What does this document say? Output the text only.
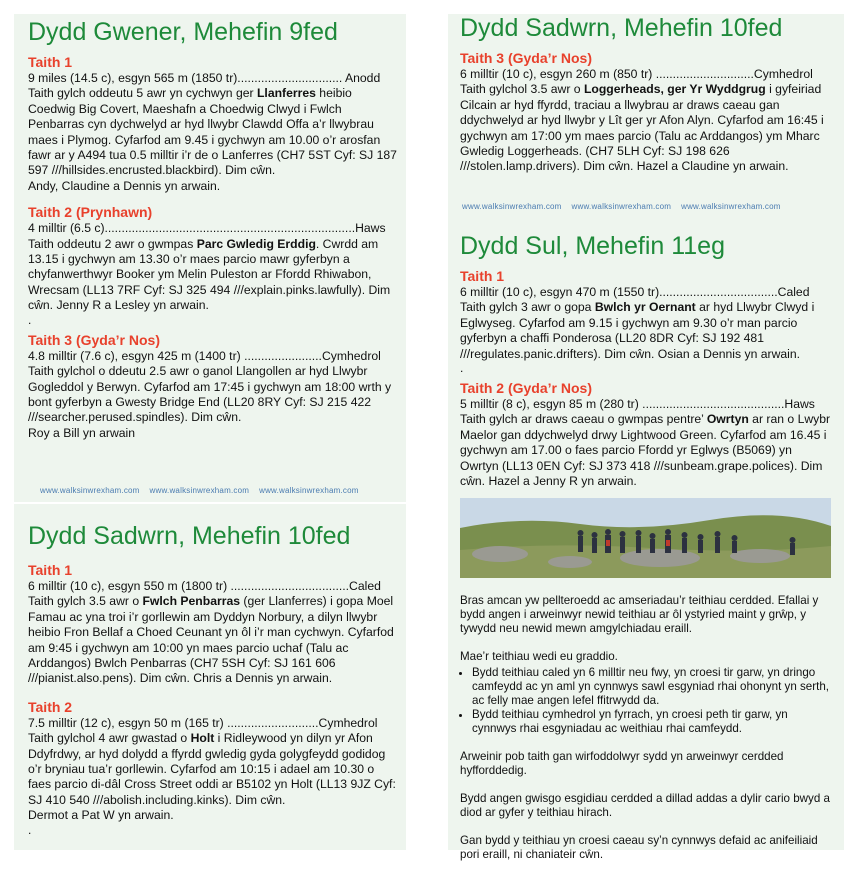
Dydd Gwener, Mehefin 9fed
Taith 1
9 miles (14.5 c), esgyn 565 m (1850 tr)............................... Anodd
Taith gylch oddeutu 5 awr yn cychwyn ger Llanferres heibio Coedwig Big Covert, Maeshafn a Choedwig Clwyd i Fwlch Penbarras cyn dychwelyd ar hyd llwybr Clawdd Offa a’r llwybrau maes i Plymog. Cyfarfod am 9.45 i gychwyn am 10.00 o’r arosfan fawr ar y A494 tua 0.5 milltir i’r de o Lanferres (CH7 5ST Cyf: SJ 187 597 ///hillsides.encrusted.blackbird). Dim cŵn.
Andy, Claudine a Dennis yn arwain.
Taith 2 (Prynhawn)
4 milltir (6.5 c)..........................................................................Haws
Taith oddeutu 2 awr o gwmpas Parc Gwledig Erddig. Cwrdd am 13.15 i gychwyn am 13.30 o’r maes parcio mawr gyferbyn a chyfanwerthwyr Booker ym Melin Puleston ar Ffordd Rhiwabon, Wrecsam (LL13 7RF Cyf: SJ 325 494 ///explain.pinks.lawfully). Dim cŵn. Jenny R a Lesley yn arwain.
.
Taith 3 (Gyda’r Nos)
4.8 milltir (7.6 c), esgyn 425 m (1400 tr) .......................Cymhedrol
Taith gylchol o ddeutu 2.5 awr o ganol Llangollen ar hyd Llwybr Gogleddol y Berwyn. Cyfarfod am 17:45 i gychwyn am 18:00 wrth y bont gyferbyn a Gwesty Bridge End (LL20 8RY Cyf: SJ 215 422 ///searcher.perused.spindles). Dim cŵn.
Roy a Bill yn arwain
www.walksinwrexham.com www.walksinwrexham.com www.walksinwrexham.com
Dydd Sadwrn, Mehefin 10fed
Taith 1
6 milltir (10 c), esgyn 550 m (1800 tr) ...................................Caled
Taith gylch 3.5 awr o Fwlch Penbarras (ger Llanferres) i gopa Moel Famau ac yna troi i’r gorllewin am Dyddyn Norbury, a dilyn llwybr heibio Fron Bellaf a Choed Ceunant yn ôl i’r man cychwyn. Cyfarfod am 9:45 i gychwyn am 10:00 yn maes parcio uchaf (Talu ac Arddangos) Bwlch Penbarras (CH7 5SH Cyf: SJ 161 606 ///pianist.also.pens). Dim cŵn. Chris a Dennis yn arwain.
Taith 2
7.5 milltir (12 c), esgyn 50 m (165 tr) ...........................Cymhedrol
Taith gylchol 4 awr gwastad o Holt i Ridleywood yn dilyn yr Afon Ddyfrdwy, ar hyd dolydd a ffyrdd gwledig gyda golygfeydd godidog o’r bryniau tua’r gorllewin. Cyfarfod am 10:15 i adael am 10.30 o faes parcio di-dâl Cross Street oddi ar B5102 yn Holt (LL13 9JZ Cyf: SJ 410 540 ///abolish.including.kinks). Dim cŵn.
Dermot a Pat W yn arwain.
.
Dydd Sadwrn, Mehefin 10fed
Taith 3 (Gyda’r Nos)
6 milltir (10 c), esgyn 260 m (850 tr) .............................Cymhedrol
Taith gylchol 3.5 awr o Loggerheads, ger Yr Wyddgrug i gyfeiriad Cilcain ar hyd ffyrdd, traciau a llwybrau ar draws caeau gan ddychwelyd ar hyd llwybr y Lît ger yr Afon Alyn. Cyfarfod am 16:45 i gychwyn am 17:00 ym maes parcio (Talu ac Arddangos) ym Mharc Gwledig Loggerheads. (CH7 5LH Cyf: SJ 198 626 ///stolen.lamp.drivers). Dim cŵn. Hazel a Claudine yn arwain.
www.walksinwrexham.com www.walksinwrexham.com www.walksinwrexham.com
Dydd Sul, Mehefin 11eg
Taith 1
6 milltir (10 c), esgyn 470 m (1550 tr)...................................Caled
Taith gylch 3 awr o gopa Bwlch yr Oernant ar hyd Llwybr Clwyd i Eglwyseg. Cyfarfod am 9.15 i gychwyn am 9.30 o’r man parcio gyferbyn a chaffi Ponderosa (LL20 8DR Cyf: SJ 192 481 ///regulates.panic.drifters). Dim cŵn. Osian a Dennis yn arwain.
.
Taith 2 (Gyda’r Nos)
5 milltir (8 c), esgyn 85 m (280 tr) ..........................................Haws
Taith gylch ar draws caeau o gwmpas pentre’ Owrtyn ar ran o Lwybr Maelor gan ddychwelyd drwy Lightwood Green. Cyfarfod am 16.45 i gychwyn am 17.00 o faes parcio Ffordd yr Eglwys (B5069) yn Owrtyn (LL13 0EN Cyf: SJ 373 418 ///sunbeam.grape.polices). Dim cŵn. Hazel a Jenny R yn arwain.

Bras amcan yw pellteroedd ac amseriadau’r teithiau cerdded. Efallai y bydd angen i arweinwyr newid teithiau ar ôl ystyried maint y grŵp, y tywydd neu newid mewn amgylchiadau eraill.

Mae’r teithiau wedi eu graddio.

• Bydd teithiau caled yn 6 milltir neu fwy, yn croesi tir garw, yn dringo camfeydd ac yn aml yn cynnwys sawl esgyniad rhai ohonynt yn serth, ac felly mae angen lefel ffitrwydd da.
• Bydd teithiau cymhedrol yn fyrrach, yn croesi peth tir garw, yn cynnwys rhai esgyniadau ac weithiau rhai camfeydd.

Arweinir pob taith gan wirfoddolwyr sydd yn arweinwyr cerdded hyfforddedig.

Bydd angen gwisgo esgidiau cerdded a dillad addas a dylir cario bwyd a diod ar gyfer y teithiau hirach.

Gan bydd y teithiau yn croesi caeau sy’n cynnwys defaid ac anifeiliaid pori eraill, ni chaniateir cŵn.
